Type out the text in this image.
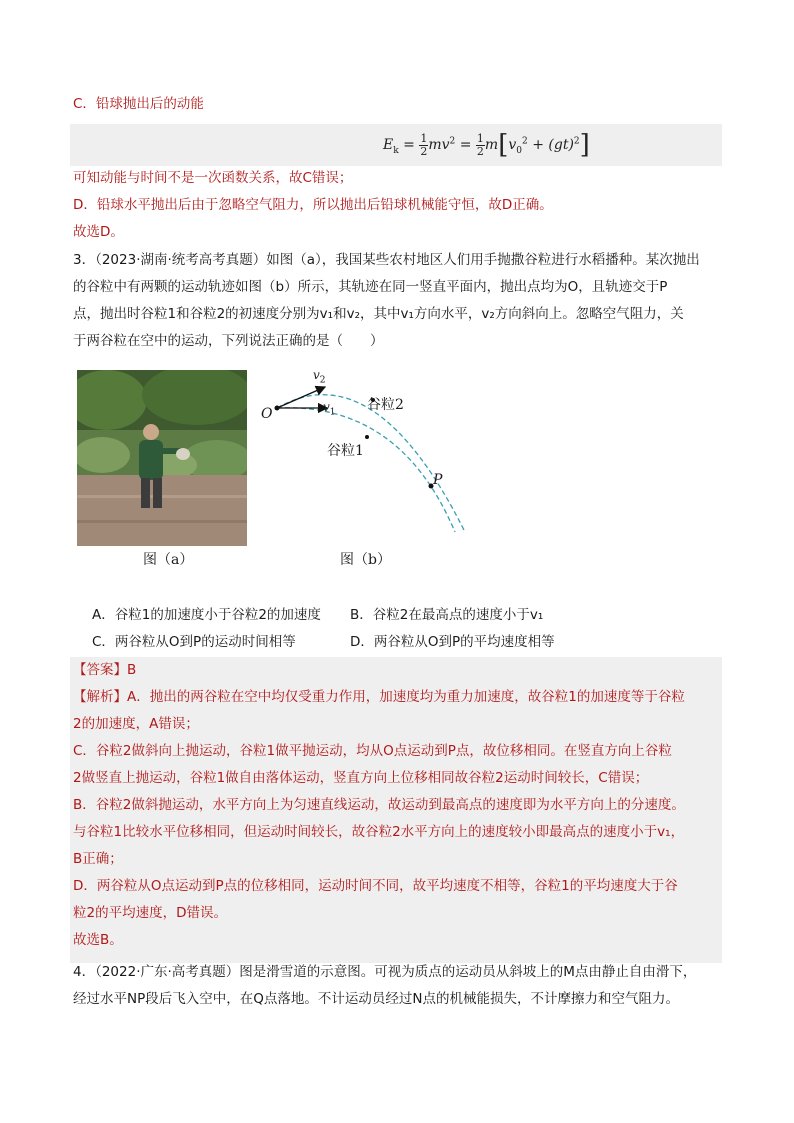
C．铅球抛出后的动能
$E_k = \frac{1}{2} mv^2 = \frac{1}{2} m[v_0^2 + (gt)^2]$
可知动能与时间不是一次函数关系，故C错误；
D．铅球水平抛出后由于忽略空气阻力，所以抛出后铅球机械能守恒，故D正确。
故选D。
3．（2023·湖南·统考高考真题）如图（a），我国某些农村地区人们用手抛撒谷粒进行水稻播种。某次抛出
的谷粒中有两颗的运动轨迹如图（b）所示，其轨迹在同一竖直平面内，抛出点均为O，且轨迹交于P
点，抛出时谷粒1和谷粒2的初速度分别为v₁和v₂，其中v₁方向水平，v₂方向斜向上。忽略空气阻力，关
于两谷粒在空中的运动，下列说法正确的是（　　）
图（a）
O
P
$v_2$
$v_1$ 谷粒2
谷粒1
图（b）
A．谷粒1的加速度小于谷粒2的加速度 B．谷粒2在最高点的速度小于v₁
C．两谷粒从O到P的运动时间相等	D．两谷粒从O到P的平均速度相等
【答案】B
【解析】A．抛出的两谷粒在空中均仅受重力作用，加速度均为重力加速度，故谷粒1的加速度等于谷粒
2的加速度，A错误；
C．谷粒2做斜向上抛运动，谷粒1做平抛运动，均从O点运动到P点，故位移相同。在竖直方向上谷粒
2做竖直上抛运动，谷粒1做自由落体运动，竖直方向上位移相同故谷粒2运动时间较长，C错误；
B．谷粒2做斜抛运动，水平方向上为匀速直线运动，故运动到最高点的速度即为水平方向上的分速度。
与谷粒1比较水平位移相同，但运动时间较长，故谷粒2水平方向上的速度较小即最高点的速度小于v₁，
B正确；
D．两谷粒从O点运动到P点的位移相同，运动时间不同，故平均速度不相等，谷粒1的平均速度大于谷
粒2的平均速度，D错误。
故选B。
4．（2022·广东·高考真题）图是滑雪道的示意图。可视为质点的运动员从斜坡上的M点由静止自由滑下，
经过水平NP段后飞入空中，在Q点落地。不计运动员经过N点的机械能损失，不计摩擦力和空气阻力。
